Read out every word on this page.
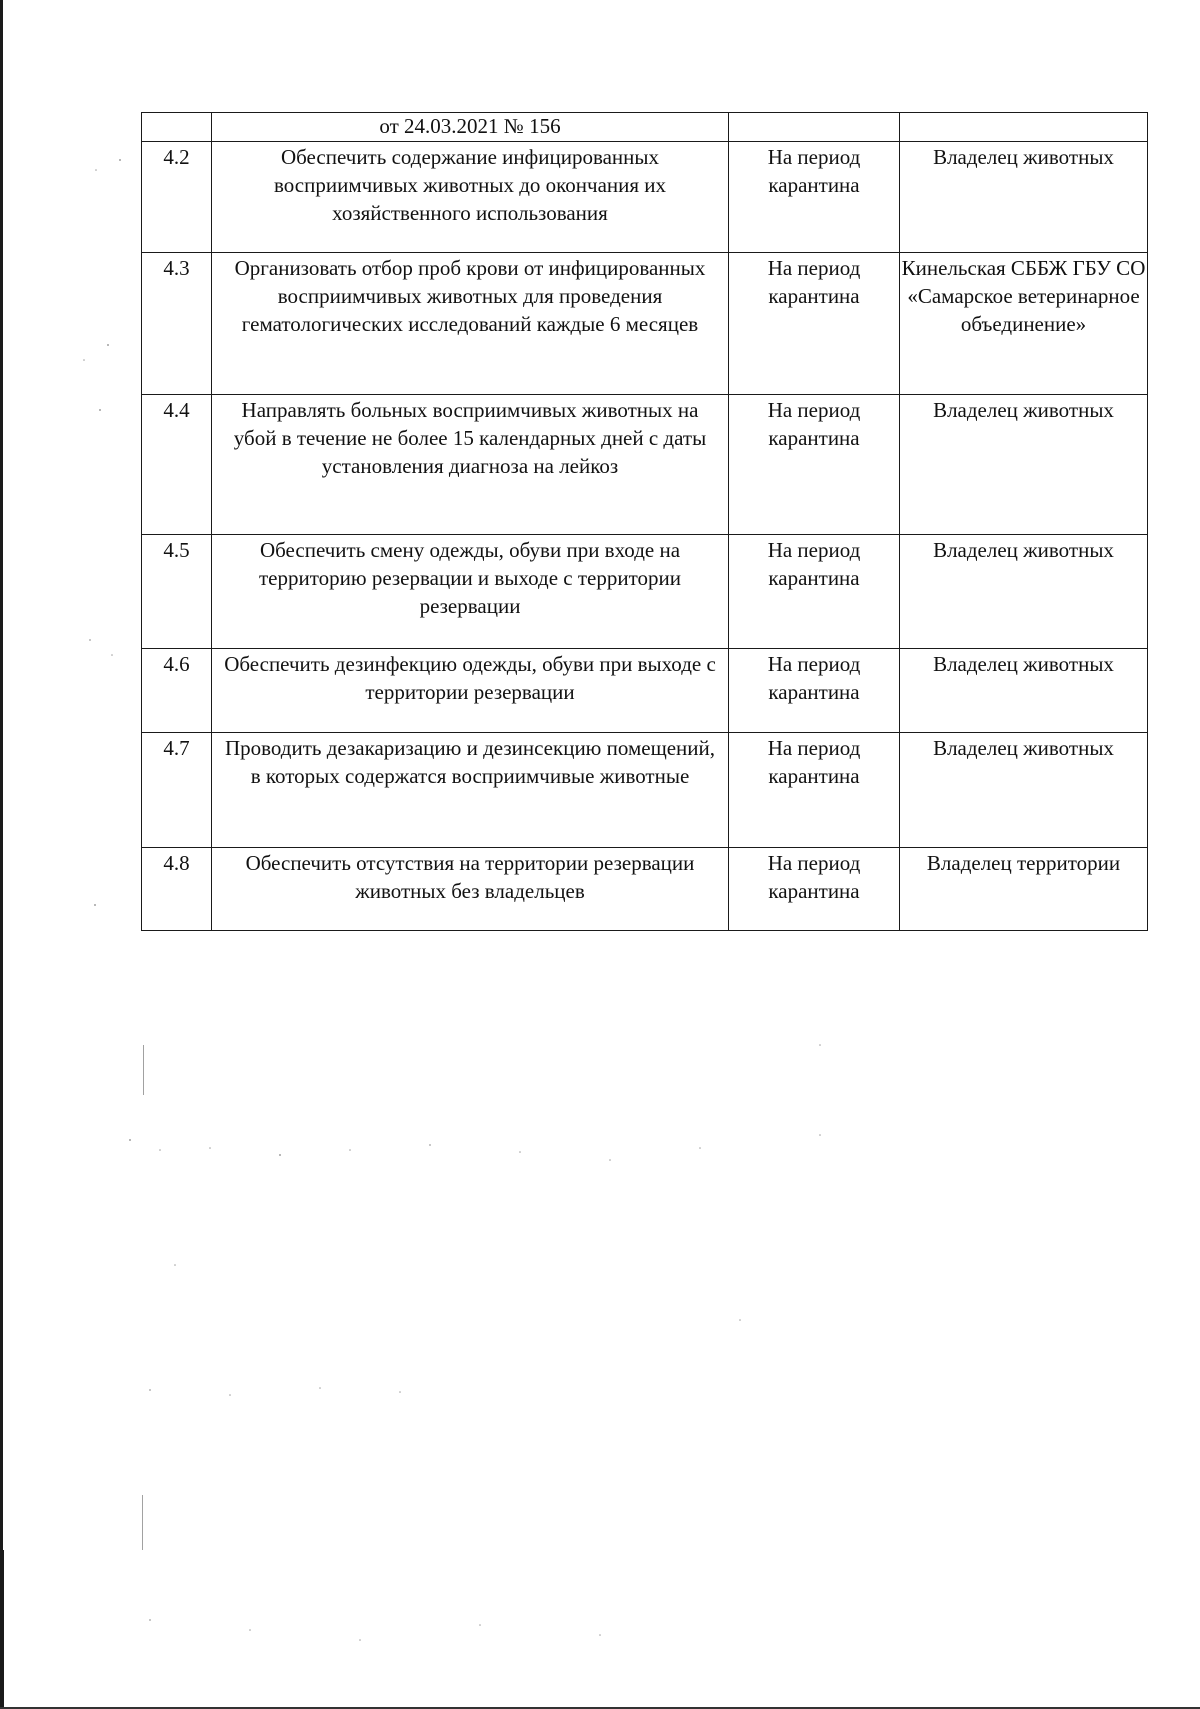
	от 24.03.2021 № 156		
4.2	Обеспечить содержание инфицированных восприимчивых животных до окончания их хозяйственного использования	На период карантина	Владелец животных
4.3	Организовать отбор проб крови от инфицированных восприимчивых животных для проведения гематологических исследований каждые 6 месяцев	На период карантина	Кинельская СББЖ ГБУ СО «Самарское ветеринарное объединение»
4.4	Направлять больных восприимчивых животных на убой в течение не более 15 календарных дней с даты установления диагноза на лейкоз	На период карантина	Владелец животных
4.5	Обеспечить смену одежды, обуви при входе на территорию резервации и выходе с территории резервации	На период карантина	Владелец животных
4.6	Обеспечить дезинфекцию одежды, обуви при выходе с территории резервации	На период карантина	Владелец животных
4.7	Проводить дезакаризацию и дезинсекцию помещений, в которых содержатся восприимчивые животные	На период карантина	Владелец животных
4.8	Обеспечить отсутствия на территории резервации животных без владельцев	На период карантина	Владелец территории
